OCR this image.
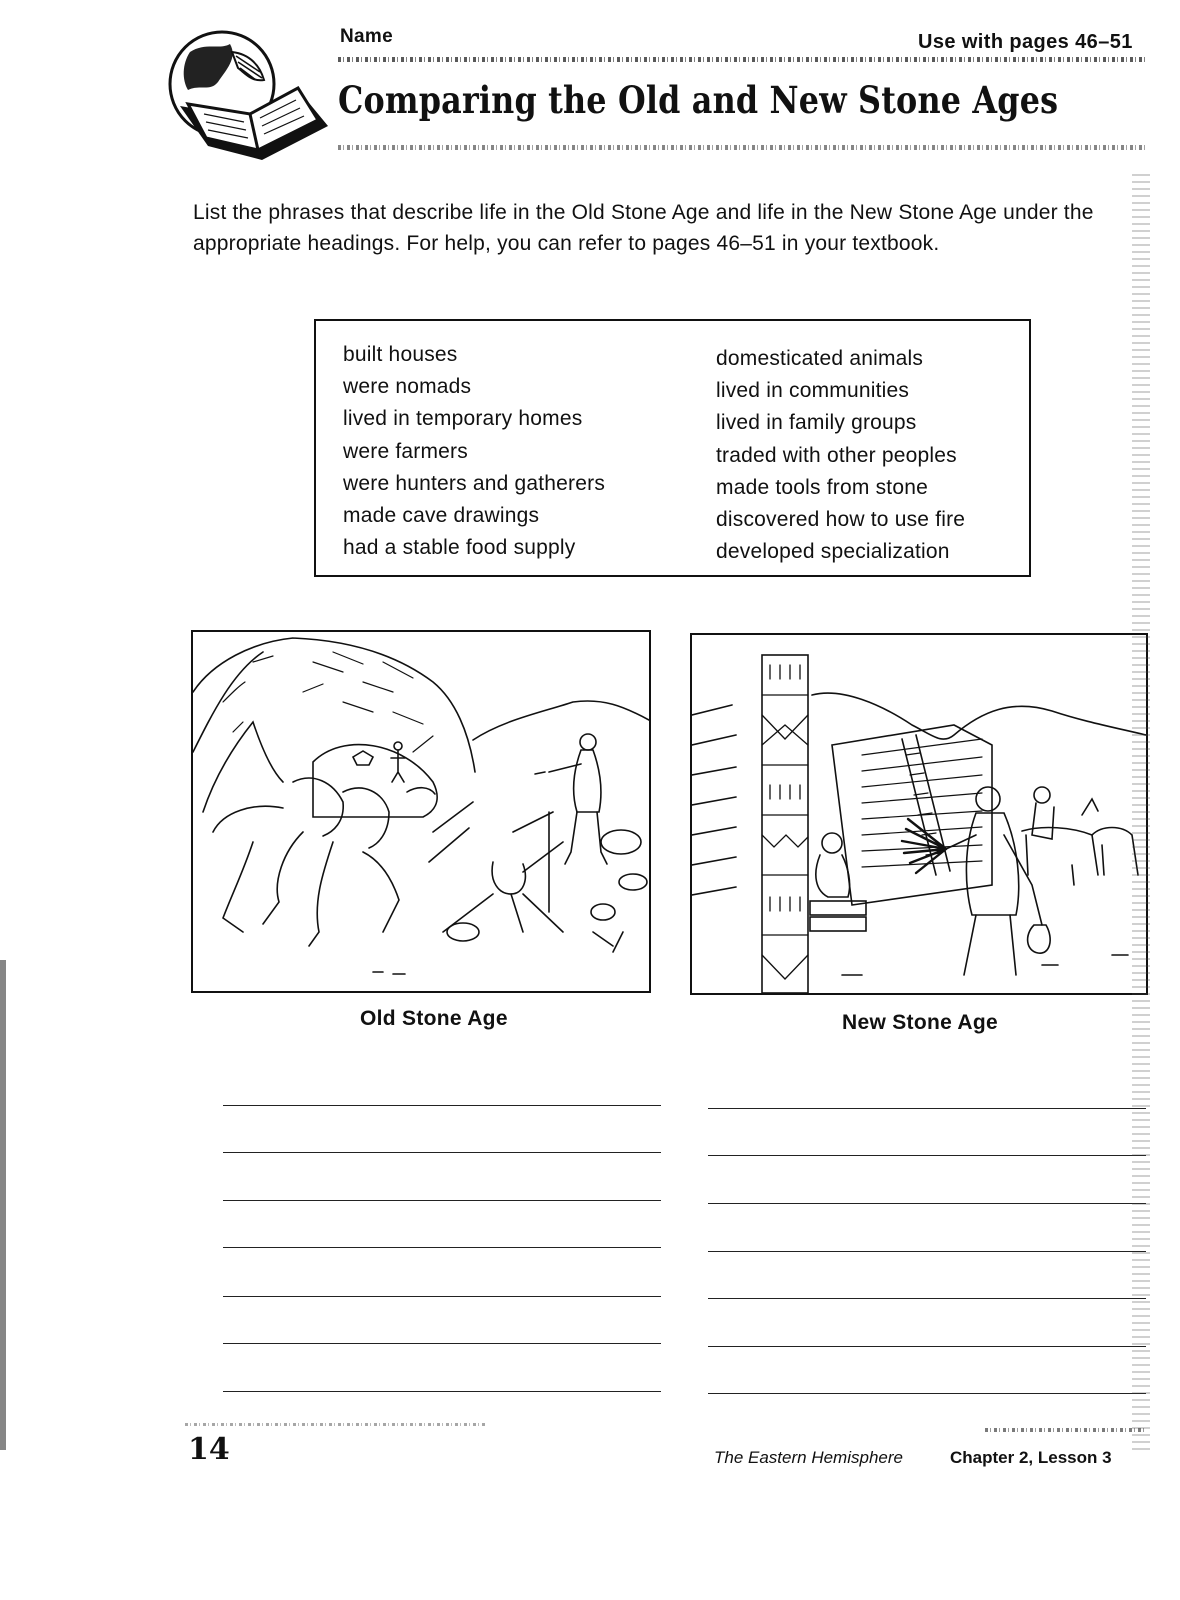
Name	Use with pages 46–51
Comparing the Old and New Stone Ages
List the phrases that describe life in the Old Stone Age and life in the New Stone Age under the appropriate headings. For help, you can refer to pages 46–51 in your textbook.
built houses
were nomads
lived in temporary homes
were farmers
were hunters and gatherers
made cave drawings
had a stable food supply
domesticated animals
lived in communities
lived in family groups
traded with other peoples
made tools from stone
discovered how to use fire
developed specialization
Old Stone Age	New Stone Age
14	The Eastern Hemisphere	Chapter 2, Lesson 3
